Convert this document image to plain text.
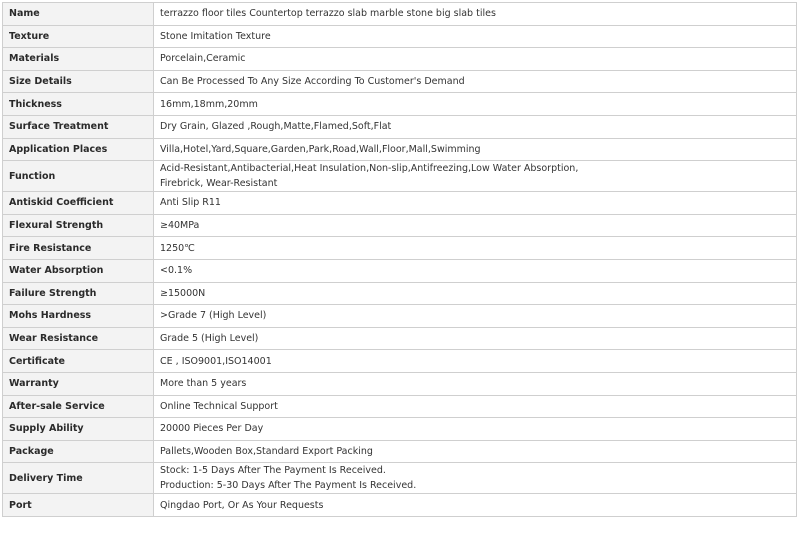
Name	terrazzo floor tiles Countertop terrazzo slab marble stone big slab tiles
Texture	Stone Imitation Texture
Materials	Porcelain,Ceramic
Size Details	Can Be Processed To Any Size According To Customer's Demand
Thickness	16mm,18mm,20mm
Surface Treatment	Dry Grain, Glazed ,Rough,Matte,Flamed,Soft,Flat
Application Places	Villa,Hotel,Yard,Square,Garden,Park,Road,Wall,Floor,Mall,Swimming
Function	Acid-Resistant,Antibacterial,Heat Insulation,Non-slip,Antifreezing,Low Water Absorption,
Firebrick, Wear-Resistant

Antiskid Coefficient	Anti Slip R11
Flexural Strength	≥40MPa
Fire Resistance	1250℃
Water Absorption	<0.1%
Failure Strength	≥15000N
Mohs Hardness	>Grade 7 (High Level)
Wear Resistance	Grade 5 (High Level)
Certificate	CE , ISO9001,ISO14001
Warranty	More than 5 years
After-sale Service	Online Technical Support
Supply Ability	20000 Pieces Per Day
Package	Pallets,Wooden Box,Standard Export Packing
Delivery Time	Stock: 1-5 Days After The Payment Is Received.
Production: 5-30 Days After The Payment Is Received.

Port	Qingdao Port, Or As Your Requests
